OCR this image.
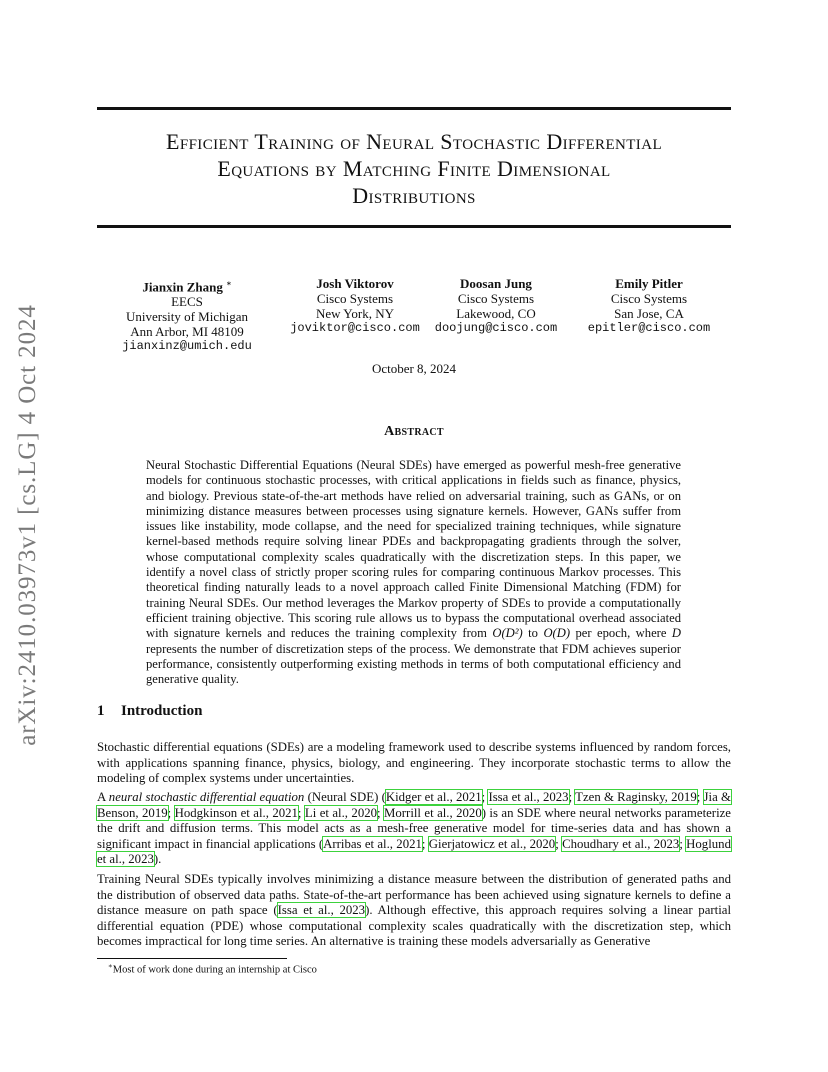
arXiv:2410.03973v1 [cs.LG] 4 Oct 2024
Efficient Training of Neural Stochastic Differential
Equations by Matching Finite Dimensional
Distributions
Jianxin Zhang ∗
EECS
University of Michigan
Ann Arbor, MI 48109
jianxinz@umich.edu
Josh Viktorov
Cisco Systems
New York, NY
joviktor@cisco.com
Doosan Jung
Cisco Systems
Lakewood, CO
doojung@cisco.com
Emily Pitler
Cisco Systems
San Jose, CA
epitler@cisco.com
October 8, 2024
Abstract
Neural Stochastic Differential Equations (Neural SDEs) have emerged as powerful mesh-free generative models for continuous stochastic processes, with critical applications in fields such as finance, physics, and biology. Previous state-of-the-art methods have relied on adversarial training, such as GANs, or on minimizing distance measures between processes using signature kernels. However, GANs suffer from issues like instability, mode collapse, and the need for specialized training techniques, while signature kernel-based methods require solving linear PDEs and backpropagating gradients through the solver, whose computational complexity scales quadratically with the discretization steps. In this paper, we identify a novel class of strictly proper scoring rules for comparing continuous Markov processes. This theoretical finding naturally leads to a novel approach called Finite Dimensional Matching (FDM) for training Neural SDEs. Our method leverages the Markov property of SDEs to provide a computationally efficient training objective. This scoring rule allows us to bypass the computational overhead associated with signature kernels and reduces the training complexity from O(D²) to O(D) per epoch, where D represents the number of discretization steps of the process. We demonstrate that FDM achieves superior performance, consistently outperforming existing methods in terms of both computational efficiency and generative quality.
1 Introduction
Stochastic differential equations (SDEs) are a modeling framework used to describe systems influenced by random forces, with applications spanning finance, physics, biology, and engineering. They incorporate stochastic terms to allow the modeling of complex systems under uncertainties.
A neural stochastic differential equation (Neural SDE) (Kidger et al., 2021; Issa et al., 2023; Tzen & Raginsky, 2019; Jia & Benson, 2019; Hodgkinson et al., 2021; Li et al., 2020; Morrill et al., 2020) is an SDE where neural networks parameterize the drift and diffusion terms. This model acts as a mesh-free generative model for time-series data and has shown a significant impact in financial applications (Arribas et al., 2021; Gierjatowicz et al., 2020; Choudhary et al., 2023; Hoglund et al., 2023).
Training Neural SDEs typically involves minimizing a distance measure between the distribution of generated paths and the distribution of observed data paths. State-of-the-art performance has been achieved using signature kernels to define a distance measure on path space (Issa et al., 2023). Although effective, this approach requires solving a linear partial differential equation (PDE) whose computational complexity scales quadratically with the discretization step, which becomes impractical for long time series. An alternative is training these models adversarially as Generative
∗Most of work done during an internship at Cisco
